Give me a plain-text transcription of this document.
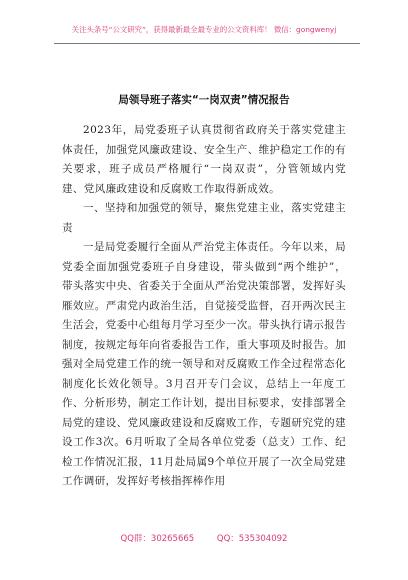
关注头条号“公文研究”，获得最新最全最专业的公文资料库！ 微信：gongwenyj
局领导班子落实“一岗双责”情况报告

2023年，局党委班子认真贯彻省政府关于落实党建主体责任，加强党风廉政建设、安全生产、维护稳定工作的有关要求，班子成员严格履行“一岗双责”，分管领域内党建、党风廉政建设和反腐败工作取得新成效。

一、坚持和加强党的领导，聚焦党建主业，落实党建主责

一是局党委履行全面从严治党主体责任。今年以来，局党委全面加强党委班子自身建设，带头做到“两个维护”，带头落实中央、省委关于全面从严治党决策部署，发挥好头雁效应。严肃党内政治生活，自觉接受监督，召开两次民主生活会，党委中心组每月学习至少一次。带头执行请示报告制度，按规定每年向省委报告工作，重大事项及时报告。加强对全局党建工作的统一领导和对反腐败工作全过程常态化制度化长效化领导。3月召开专门会议，总结上一年度工作、分析形势，制定工作计划，提出目标要求，安排部署全局党的建设、党风廉政建设和反腐败工作，专题研究党的建设工作3次。6月听取了全局各单位党委（总支）工作、纪检工作情况汇报，11月赴局属9个单位开展了一次全局党建工作调研，发挥好考核指挥棒作用

QQ群：30265665	QQ：535304092
